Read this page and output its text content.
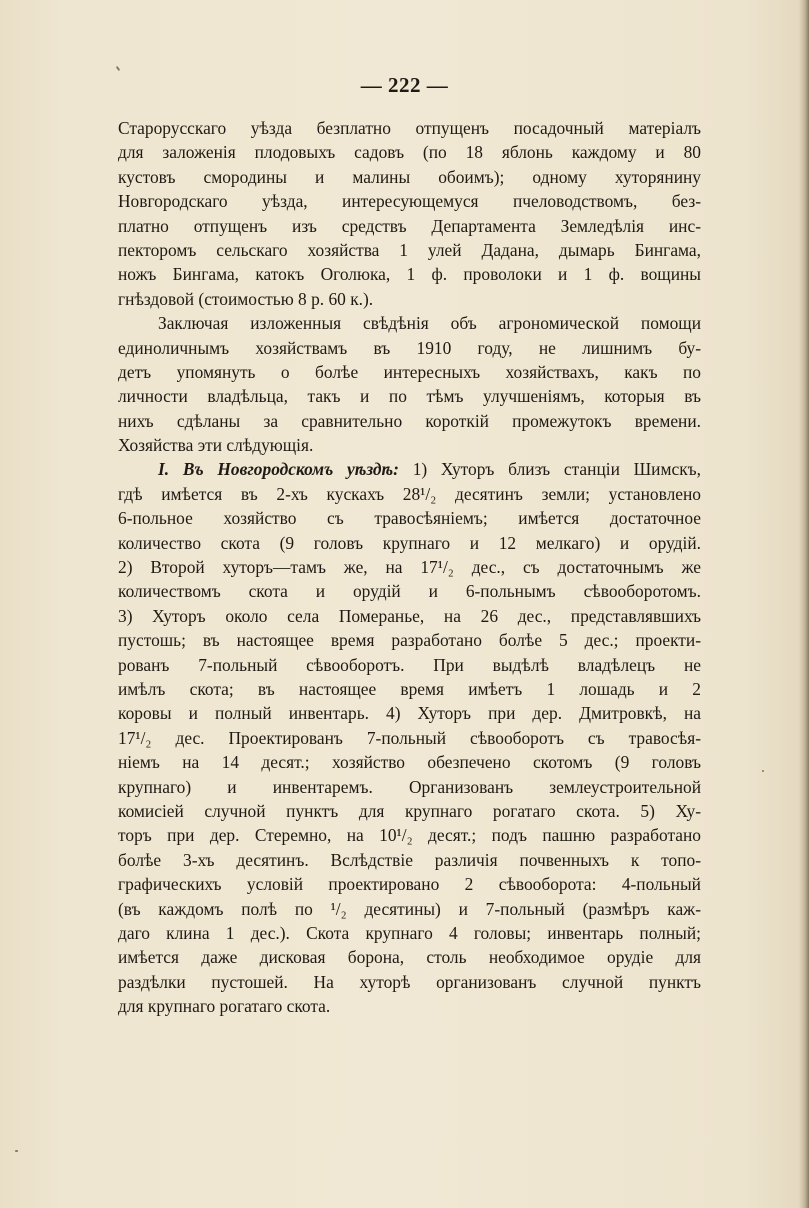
— 222 —
Старорусскаго уѣзда безплатно отпущенъ посадочный матеріалъ
для заложенія плодовыхъ садовъ (по 18 яблонь каждому и 80
кустовъ смородины и малины обоимъ); одному хуторянину
Новгородскаго уѣзда, интересующемуся пчеловодствомъ, без-
платно отпущенъ изъ средствъ Департамента Земледѣлія инс-
пекторомъ сельскаго хозяйства 1 улей Дадана, дымарь Бингама,
ножъ Бингама, катокъ Оголюка, 1 ф. проволоки и 1 ф. вощины
гнѣздовой (стоимостью 8 р. 60 к.).
Заключая изложенныя свѣдѣнія объ агрономической помощи
единоличнымъ хозяйствамъ въ 1910 году, не лишнимъ бу-
детъ упомянуть о болѣе интересныхъ хозяйствахъ, какъ по
личности владѣльца, такъ и по тѣмъ улучшеніямъ, которыя въ
нихъ сдѣланы за сравнительно короткій промежутокъ времени.
Хозяйства эти слѣдующія.
I. Въ Новгородскомъ уѣздѣ: 1) Хуторъ близъ станціи Шимскъ,
гдѣ имѣется въ 2-хъ кускахъ 28¹/₂ десятинъ земли; установлено
6-польное хозяйство съ травосѣяніемъ; имѣется достаточное
количество скота (9 головъ крупнаго и 12 мелкаго) и орудій.
2) Второй хуторъ—тамъ же, на 17¹/₂ дес., съ достаточнымъ же
количествомъ скота и орудій и 6-польнымъ сѣвооборотомъ.
3) Хуторъ около села Померанье, на 26 дес., представлявшихъ
пустошь; въ настоящее время разработано болѣе 5 дес.; проекти-
рованъ 7-польный сѣвооборотъ. При выдѣлѣ владѣлецъ не
имѣлъ скота; въ настоящее время имѣетъ 1 лошадь и 2
коровы и полный инвентарь. 4) Хуторъ при дер. Дмитровкѣ, на
17¹/₂ дес. Проектированъ 7-польный сѣвооборотъ съ травосѣя-
ніемъ на 14 десят.; хозяйство обезпечено скотомъ (9 головъ
крупнаго) и инвентаремъ. Организованъ землеустроительной
комисіей случной пунктъ для крупнаго рогатаго скота. 5) Ху-
торъ при дер. Стеремно, на 10¹/₂ десят.; подъ пашню разработано
болѣе 3-хъ десятинъ. Вслѣдствіе различія почвенныхъ к топо-
графическихъ условій проектировано 2 сѣвооборота: 4-польный
(въ каждомъ полѣ по ¹/₂ десятины) и 7-польный (размѣръ каж-
даго клина 1 дес.). Скота крупнаго 4 головы; инвентарь полный;
имѣется даже дисковая борона, столь необходимое орудіе для
раздѣлки пустошей. На хуторѣ организованъ случной пунктъ
для крупнаго рогатаго скота.
